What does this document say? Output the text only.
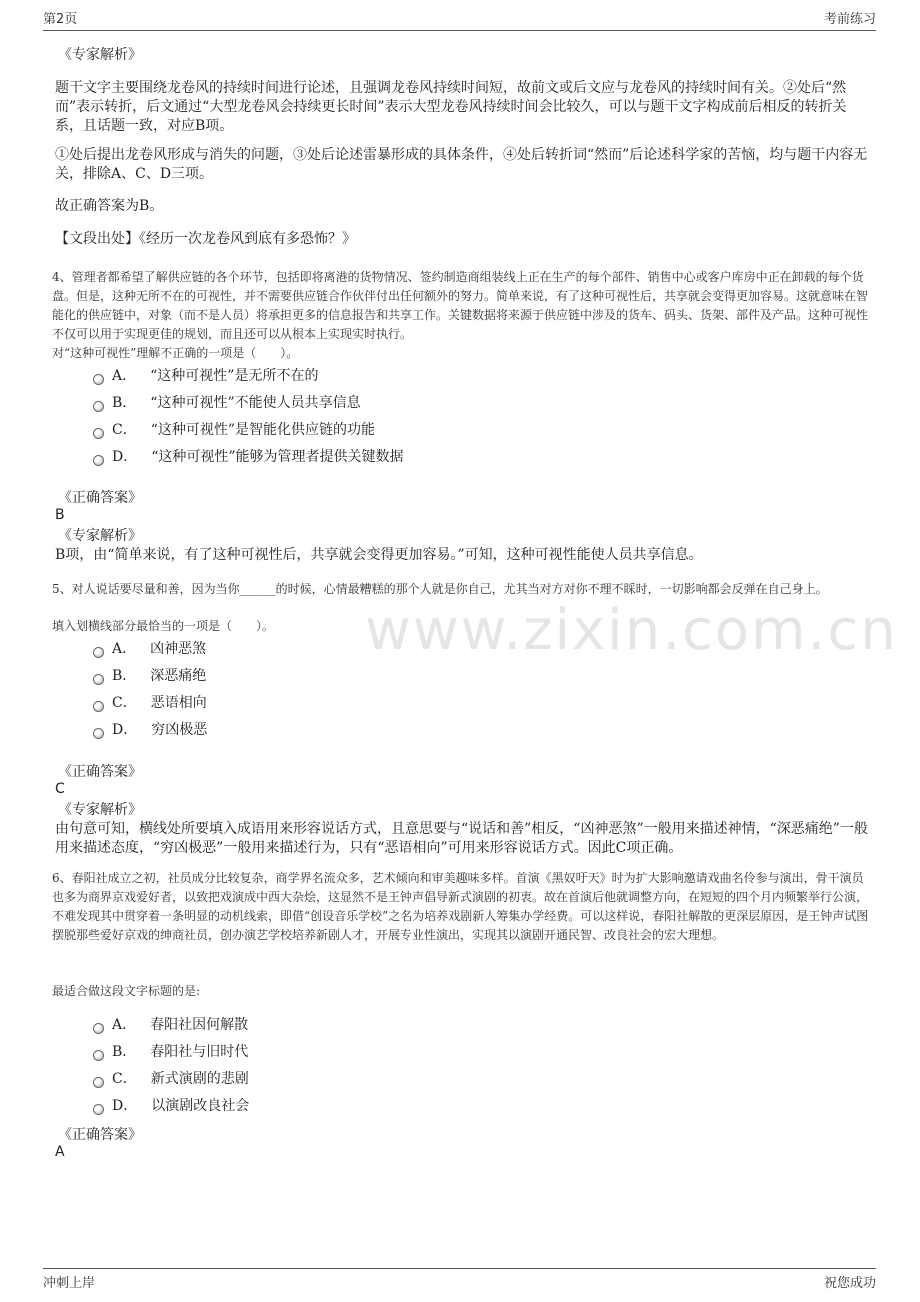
第2页	考前练习
《专家解析》
题干文字主要围绕龙卷风的持续时间进行论述，且强调龙卷风持续时间短，故前文或后文应与龙卷风的持续时间有关。②处后“然而”表示转折，后文通过“大型龙卷风会持续更长时间”表示大型龙卷风持续时间会比较久，可以与题干文字构成前后相反的转折关系，且话题一致，对应B项。
①处后提出龙卷风形成与消失的问题，③处后论述雷暴形成的具体条件，④处后转折词“然而”后论述科学家的苦恼，均与题干内容无关，排除A、C、D三项。
故正确答案为B。
【文段出处】《经历一次龙卷风到底有多恐怖？》
4、管理者都希望了解供应链的各个环节，包括即将离港的货物情况、签约制造商组装线上正在生产的每个部件、销售中心或客户库房中正在卸载的每个货盘。但是，这种无所不在的可视性，并不需要供应链合作伙伴付出任何额外的努力。简单来说，有了这种可视性后，共享就会变得更加容易。这就意味在智能化的供应链中，对象（而不是人员）将承担更多的信息报告和共享工作。关键数据将来源于供应链中涉及的货车、码头、货架、部件及产品。这种可视性不仅可以用于实现更佳的规划，而且还可以从根本上实现实时执行。
对“这种可视性”理解不正确的一项是（　　）。
A． “这种可视性”是无所不在的
B． “这种可视性”不能使人员共享信息
C． “这种可视性”是智能化供应链的功能
D． “这种可视性”能够为管理者提供关键数据
《正确答案》
B
《专家解析》
B项，由“简单来说，有了这种可视性后，共享就会变得更加容易。”可知，这种可视性能使人员共享信息。
5、对人说话要尽量和善，因为当你______的时候，心情最糟糕的那个人就是你自己，尤其当对方对你不理不睬时，一切影响都会反弹在自己身上。
填入划横线部分最恰当的一项是（　　）。
A． 凶神恶煞
B． 深恶痛绝
C． 恶语相向
D． 穷凶极恶
《正确答案》
C
《专家解析》
由句意可知，横线处所要填入成语用来形容说话方式，且意思要与“说话和善”相反，“凶神恶煞”一般用来描述神情，“深恶痛绝”一般用来描述态度，“穷凶极恶”一般用来描述行为，只有“恶语相向”可用来形容说话方式。因此C项正确。
6、春阳社成立之初，社员成分比较复杂，商学界名流众多，艺术倾向和审美趣味多样。首演《黑奴吁天》时为扩大影响邀请戏曲名伶参与演出，骨干演员也多为商界京戏爱好者，以致把戏演成中西大杂烩，这显然不是王钟声倡导新式演剧的初衷。故在首演后他就调整方向，在短短的四个月内频繁举行公演，不难发现其中贯穿着一条明显的动机线索，即借“创设音乐学校”之名为培养戏剧新人筹集办学经费。可以这样说，春阳社解散的更深层原因，是王钟声试图摆脱那些爱好京戏的绅商社员，创办演艺学校培养新剧人才，开展专业性演出，实现其以演剧开通民智、改良社会的宏大理想。
最适合做这段文字标题的是:
A． 春阳社因何解散
B． 春阳社与旧时代
C． 新式演剧的悲剧
D． 以演剧改良社会
《正确答案》
A
www.zixin.com.cn
冲刺上岸	祝您成功
